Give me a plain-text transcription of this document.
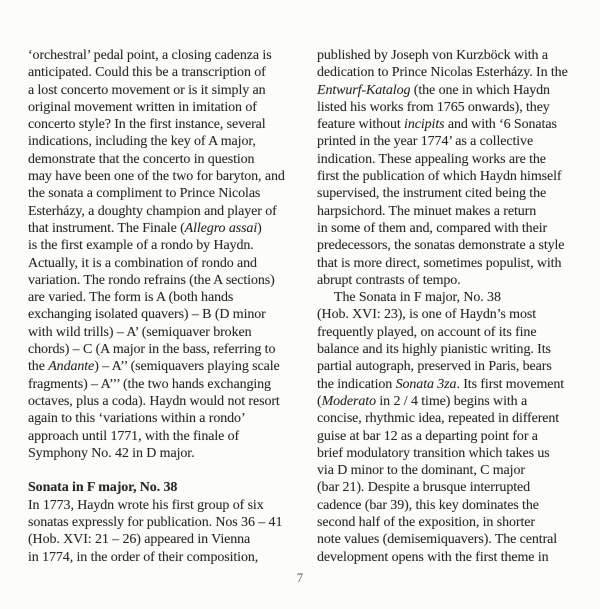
‘orchestral’ pedal point, a closing cadenza is
anticipated. Could this be a transcription of
a lost concerto movement or is it simply an
original movement written in imitation of
concerto style? In the first instance, several
indications, including the key of A major,
demonstrate that the concerto in question
may have been one of the two for baryton, and
the sonata a compliment to Prince Nicolas
Esterházy, a doughty champion and player of
that instrument. The Finale (Allegro assai)
is the first example of a rondo by Haydn.
Actually, it is a combination of rondo and
variation. The rondo refrains (the A sections)
are varied. The form is A (both hands
exchanging isolated quavers) – B (D minor
with wild trills) – A’ (semiquaver broken
chords) – C (A major in the bass, referring to
the Andante) – A’’ (semiquavers playing scale
fragments) – A’’’ (the two hands exchanging
octaves, plus a coda). Haydn would not resort
again to this ‘variations within a rondo’
approach until 1771, with the finale of
Symphony No. 42 in D major.
Sonata in F major, No. 38
In 1773, Haydn wrote his first group of six
sonatas expressly for publication. Nos 36 – 41
(Hob. XVI: 21 – 26) appeared in Vienna
in 1774, in the order of their composition,
published by Joseph von Kurzböck with a
dedication to Prince Nicolas Esterházy. In the
Entwurf-Katalog (the one in which Haydn
listed his works from 1765 onwards), they
feature without incipits and with ‘6 Sonatas
printed in the year 1774’ as a collective
indication. These appealing works are the
first the publication of which Haydn himself
supervised, the instrument cited being the
harpsichord. The minuet makes a return
in some of them and, compared with their
predecessors, the sonatas demonstrate a style
that is more direct, sometimes populist, with
abrupt contrasts of tempo.
The Sonata in F major, No. 38
(Hob. XVI: 23), is one of Haydn’s most
frequently played, on account of its fine
balance and its highly pianistic writing. Its
partial autograph, preserved in Paris, bears
the indication Sonata 3za. Its first movement
(Moderato in 2 / 4 time) begins with a
concise, rhythmic idea, repeated in different
guise at bar 12 as a departing point for a
brief modulatory transition which takes us
via D minor to the dominant, C major
(bar 21). Despite a brusque interrupted
cadence (bar 39), this key dominates the
second half of the exposition, in shorter
note values (demisemiquavers). The central
development opens with the first theme in
7
